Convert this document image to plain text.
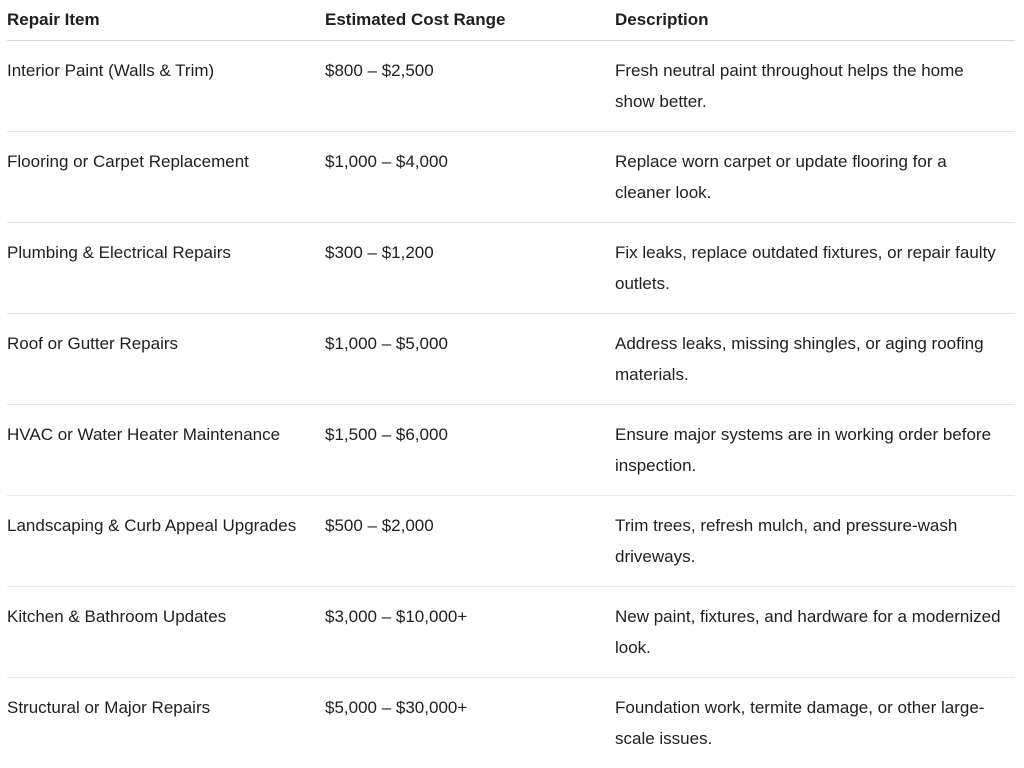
Repair Item	Estimated Cost Range	Description

Interior Paint (Walls & Trim)	$800 – $2,500	Fresh neutral paint throughout helps the home show better.

Flooring or Carpet Replacement	$1,000 – $4,000	Replace worn carpet or update flooring for a cleaner look.

Plumbing & Electrical Repairs	$300 – $1,200	Fix leaks, replace outdated fixtures, or repair faulty outlets.

Roof or Gutter Repairs	$1,000 – $5,000	Address leaks, missing shingles, or aging roofing materials.

HVAC or Water Heater Maintenance	$1,500 – $6,000	Ensure major systems are in working order before inspection.

Landscaping & Curb Appeal Upgrades	$500 – $2,000	Trim trees, refresh mulch, and pressure-wash driveways.

Kitchen & Bathroom Updates	$3,000 – $10,000+	New paint, fixtures, and hardware for a modernized look.

Structural or Major Repairs	$5,000 – $30,000+	Foundation work, termite damage, or other large-scale issues.
